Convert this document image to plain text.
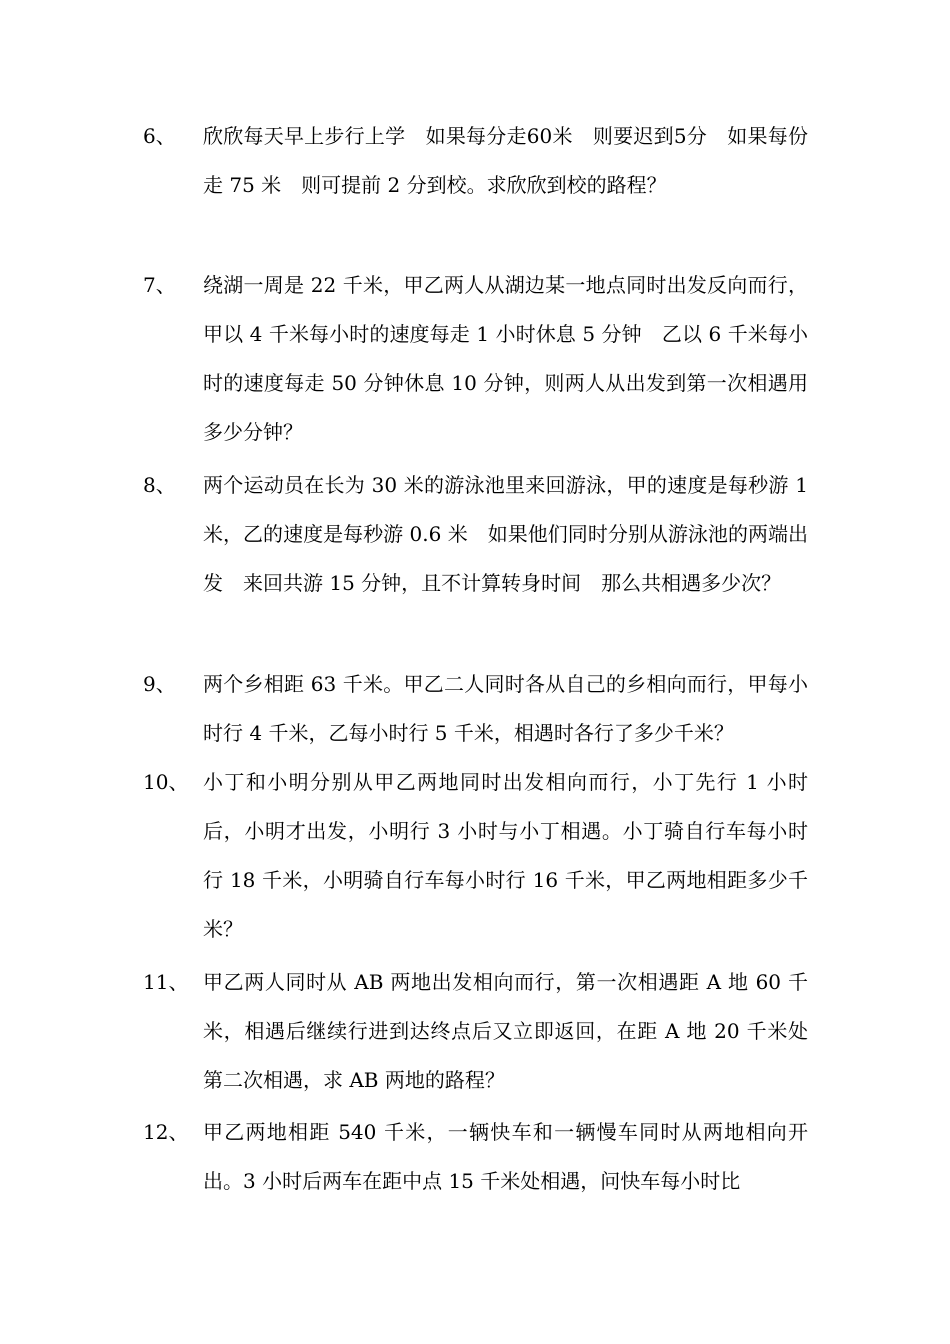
6、 欣欣每天早上步行上学　如果每分走60米　则要迟到5分　如果每份走 75 米　则可提前 2 分到校。求欣欣到校的路程？
7、 绕湖一周是 22 千米，甲乙两人从湖边某一地点同时出发反向而行，甲以 4 千米每小时的速度每走 1 小时休息 5 分钟　乙以 6 千米每小时的速度每走 50 分钟休息 10 分钟，则两人从出发到第一次相遇用多少分钟？
8、 两个运动员在长为 30 米的游泳池里来回游泳，甲的速度是每秒游 1 米，乙的速度是每秒游 0.6 米　如果他们同时分别从游泳池的两端出发　来回共游 15 分钟，且不计算转身时间　那么共相遇多少次？
9、 两个乡相距 63 千米。甲乙二人同时各从自己的乡相向而行，甲每小时行 4 千米，乙每小时行 5 千米，相遇时各行了多少千米？
10、 小丁和小明分别从甲乙两地同时出发相向而行，小丁先行 1 小时后，小明才出发，小明行 3 小时与小丁相遇。小丁骑自行车每小时行 18 千米，小明骑自行车每小时行 16 千米，甲乙两地相距多少千米？
11、 甲乙两人同时从 AB 两地出发相向而行，第一次相遇距 A 地 60 千米，相遇后继续行进到达终点后又立即返回，在距 A 地 20 千米处第二次相遇，求 AB 两地的路程？
12、 甲乙两地相距 540 千米，一辆快车和一辆慢车同时从两地相向开出。3 小时后两车在距中点 15 千米处相遇，问快车每小时比
